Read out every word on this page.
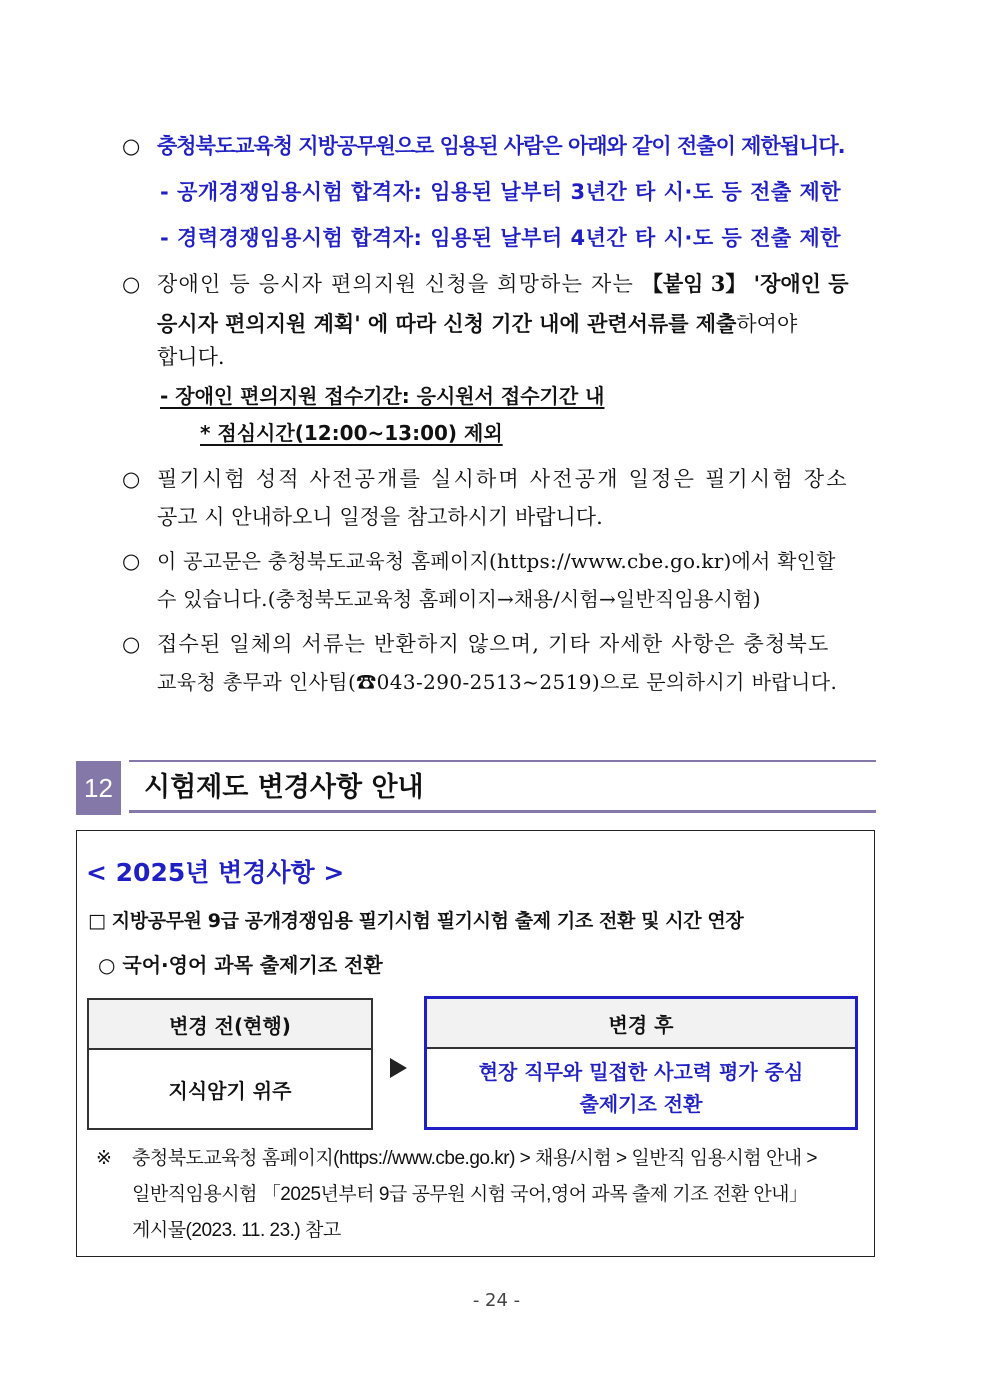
○ 충청북도교육청 지방공무원으로 임용된 사람은 아래와 같이 전출이 제한됩니다.
- 공개경쟁임용시험 합격자: 임용된 날부터 3년간 타 시·도 등 전출 제한
- 경력경쟁임용시험 합격자: 임용된 날부터 4년간 타 시·도 등 전출 제한
○ 장애인 등 응시자 편의지원 신청을 희망하는 자는 【붙임 3】 '장애인 등
응시자 편의지원 계획' 에 따라 신청 기간 내에 관련서류를 제출하여야
합니다.
- 장애인 편의지원 접수기간: 응시원서 접수기간 내
* 점심시간(12:00~13:00) 제외
○ 필기시험 성적 사전공개를 실시하며 사전공개 일정은 필기시험 장소
공고 시 안내하오니 일정을 참고하시기 바랍니다.
○ 이 공고문은 충청북도교육청 홈페이지(https://www.cbe.go.kr)에서 확인할
수 있습니다.(충청북도교육청 홈페이지→채용/시험→일반직임용시험)
○ 접수된 일체의 서류는 반환하지 않으며, 기타 자세한 사항은 충청북도
교육청 총무과 인사팀(☎043-290-2513~2519)으로 문의하시기 바랍니다.
12 시험제도 변경사항 안내
< 2025년 변경사항 >
□ 지방공무원 9급 공개경쟁임용 필기시험 필기시험 출제 기조 전환 및 시간 연장
○ 국어·영어 과목 출제기조 전환
변경 전(현행)
지식암기 위주
변경 후
현장 직무와 밀접한 사고력 평가 중심
출제기조 전환
※ 충청북도교육청 홈페이지(https://www.cbe.go.kr) > 채용/시험 > 일반직 임용시험 안내 >
일반직임용시험 「2025년부터 9급 공무원 시험 국어,영어 과목 출제 기조 전환 안내」
게시물(2023. 11. 23.) 참고
- 24 -
